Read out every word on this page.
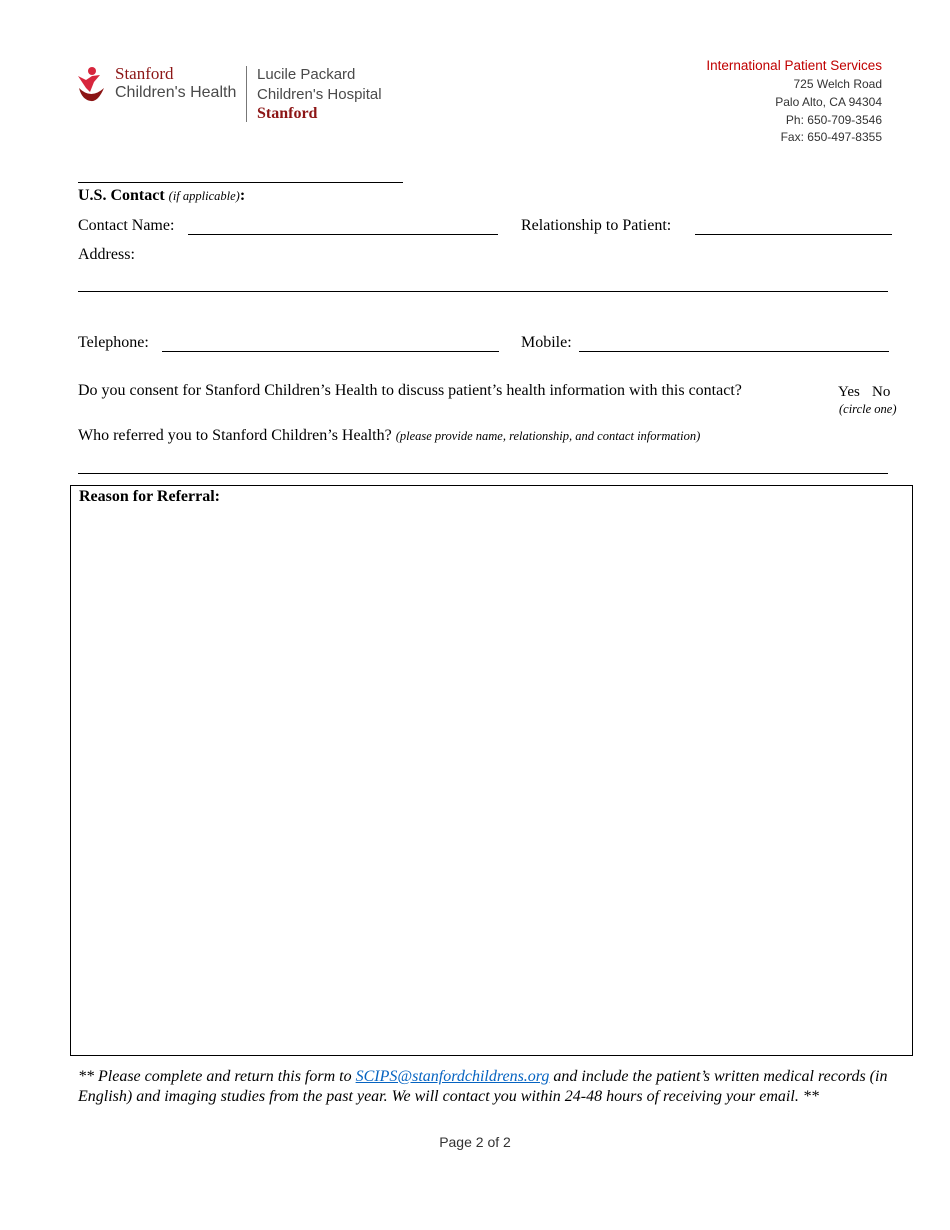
Stanford
Children's Health
Lucile Packard
Children's Hospital
Stanford
International Patient Services
725 Welch Road
Palo Alto, CA 94304
Ph: 650-709-3546
Fax: 650-497-8355
U.S. Contact (if applicable):
Contact Name:	Relationship to Patient:
Address:
Telephone:	Mobile:
Do you consent for Stanford Children’s Health to discuss patient’s health information with this contact?	Yes No
(circle one)
Who referred you to Stanford Children’s Health? (please provide name, relationship, and contact information)
Reason for Referral:
** Please complete and return this form to SCIPS@stanfordchildrens.org and include the patient’s written medical records (in English) and imaging studies from the past year. We will contact you within 24-48 hours of receiving your email. **
Page 2 of 2
